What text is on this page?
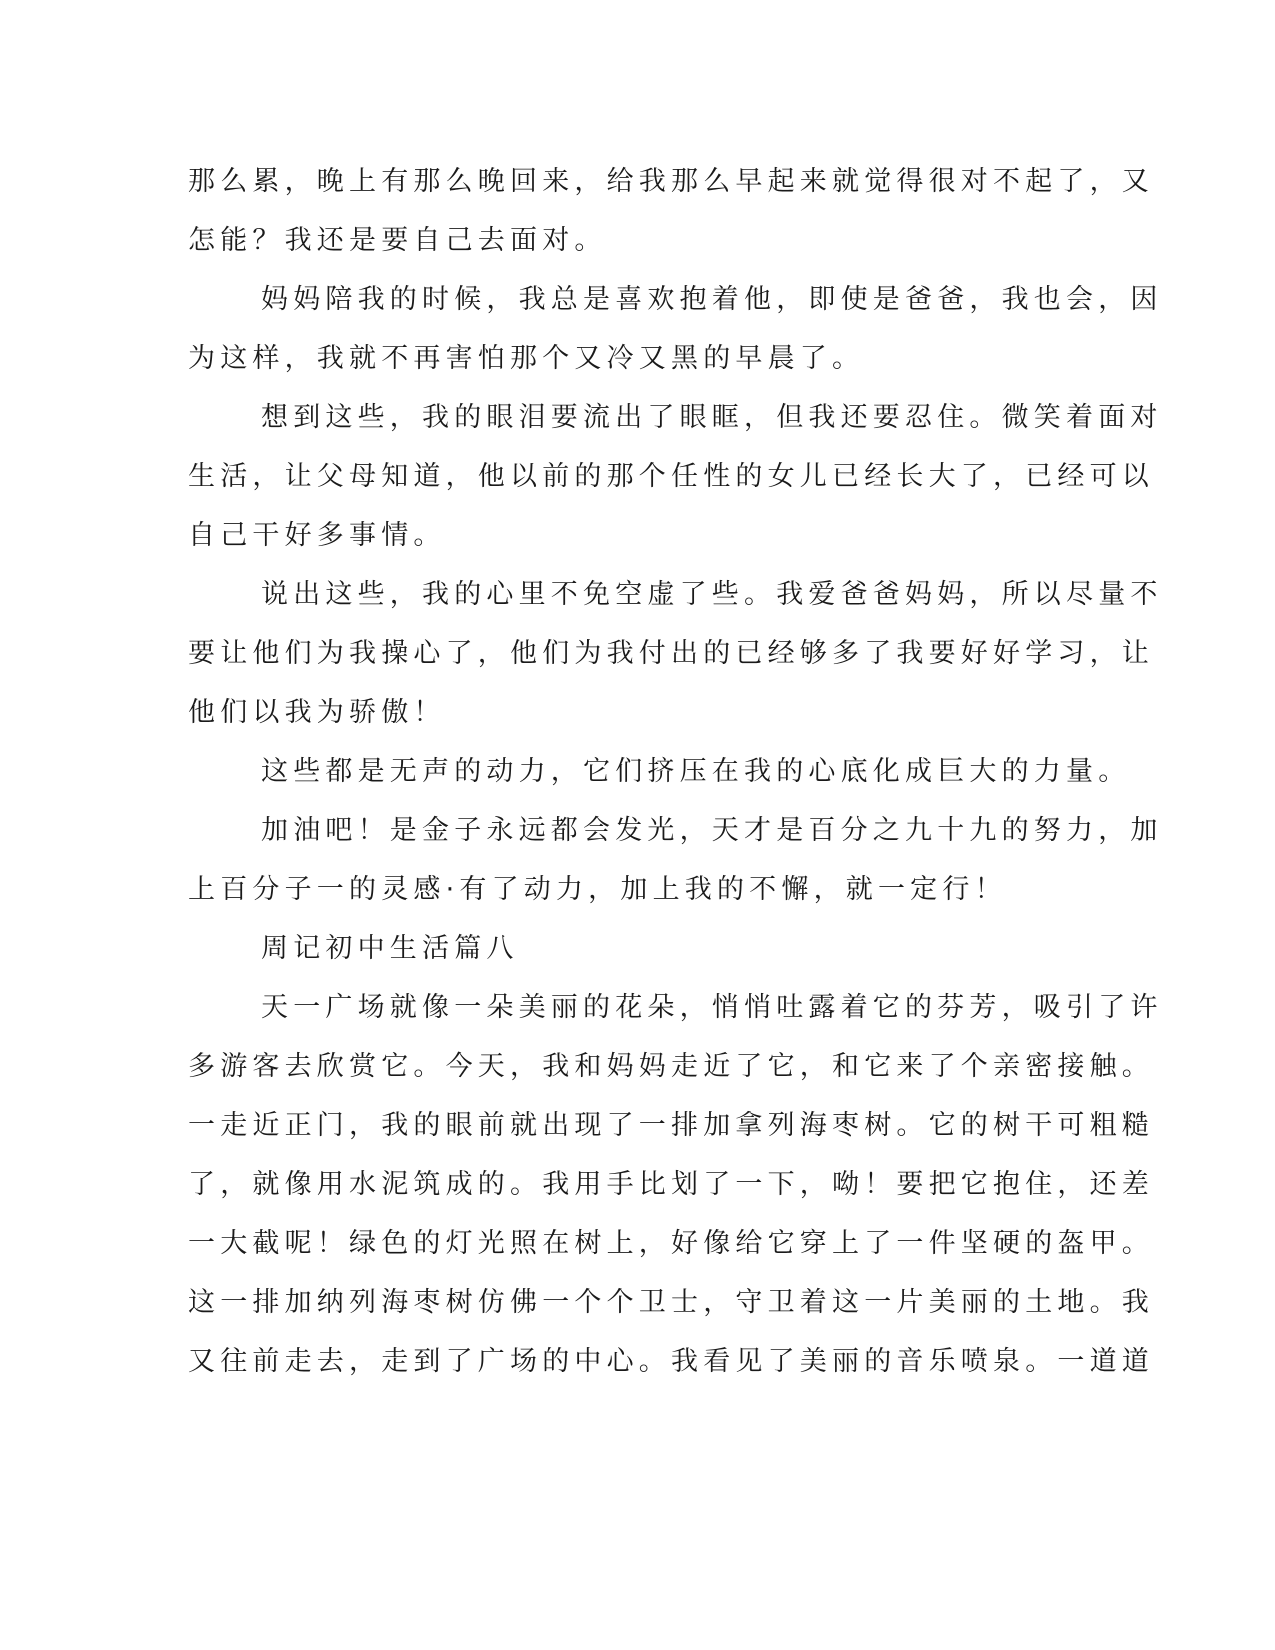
那么累，晚上有那么晚回来，给我那么早起来就觉得很对不起了，又
怎能？我还是要自己去面对。
妈妈陪我的时候，我总是喜欢抱着他，即使是爸爸，我也会，因
为这样，我就不再害怕那个又冷又黑的早晨了。
想到这些，我的眼泪要流出了眼眶，但我还要忍住。微笑着面对
生活，让父母知道，他以前的那个任性的女儿已经长大了，已经可以
自己干好多事情。
说出这些，我的心里不免空虚了些。我爱爸爸妈妈，所以尽量不
要让他们为我操心了，他们为我付出的已经够多了我要好好学习，让
他们以我为骄傲！
这些都是无声的动力，它们挤压在我的心底化成巨大的力量。
加油吧！是金子永远都会发光，天才是百分之九十九的努力，加
上百分子一的灵感·有了动力，加上我的不懈，就一定行！
周记初中生活篇八
天一广场就像一朵美丽的花朵，悄悄吐露着它的芬芳，吸引了许
多游客去欣赏它。今天，我和妈妈走近了它，和它来了个亲密接触。
一走近正门，我的眼前就出现了一排加拿列海枣树。它的树干可粗糙
了，就像用水泥筑成的。我用手比划了一下，呦！要把它抱住，还差
一大截呢！绿色的灯光照在树上，好像给它穿上了一件坚硬的盔甲。
这一排加纳列海枣树仿佛一个个卫士，守卫着这一片美丽的土地。我
又往前走去，走到了广场的中心。我看见了美丽的音乐喷泉。一道道
